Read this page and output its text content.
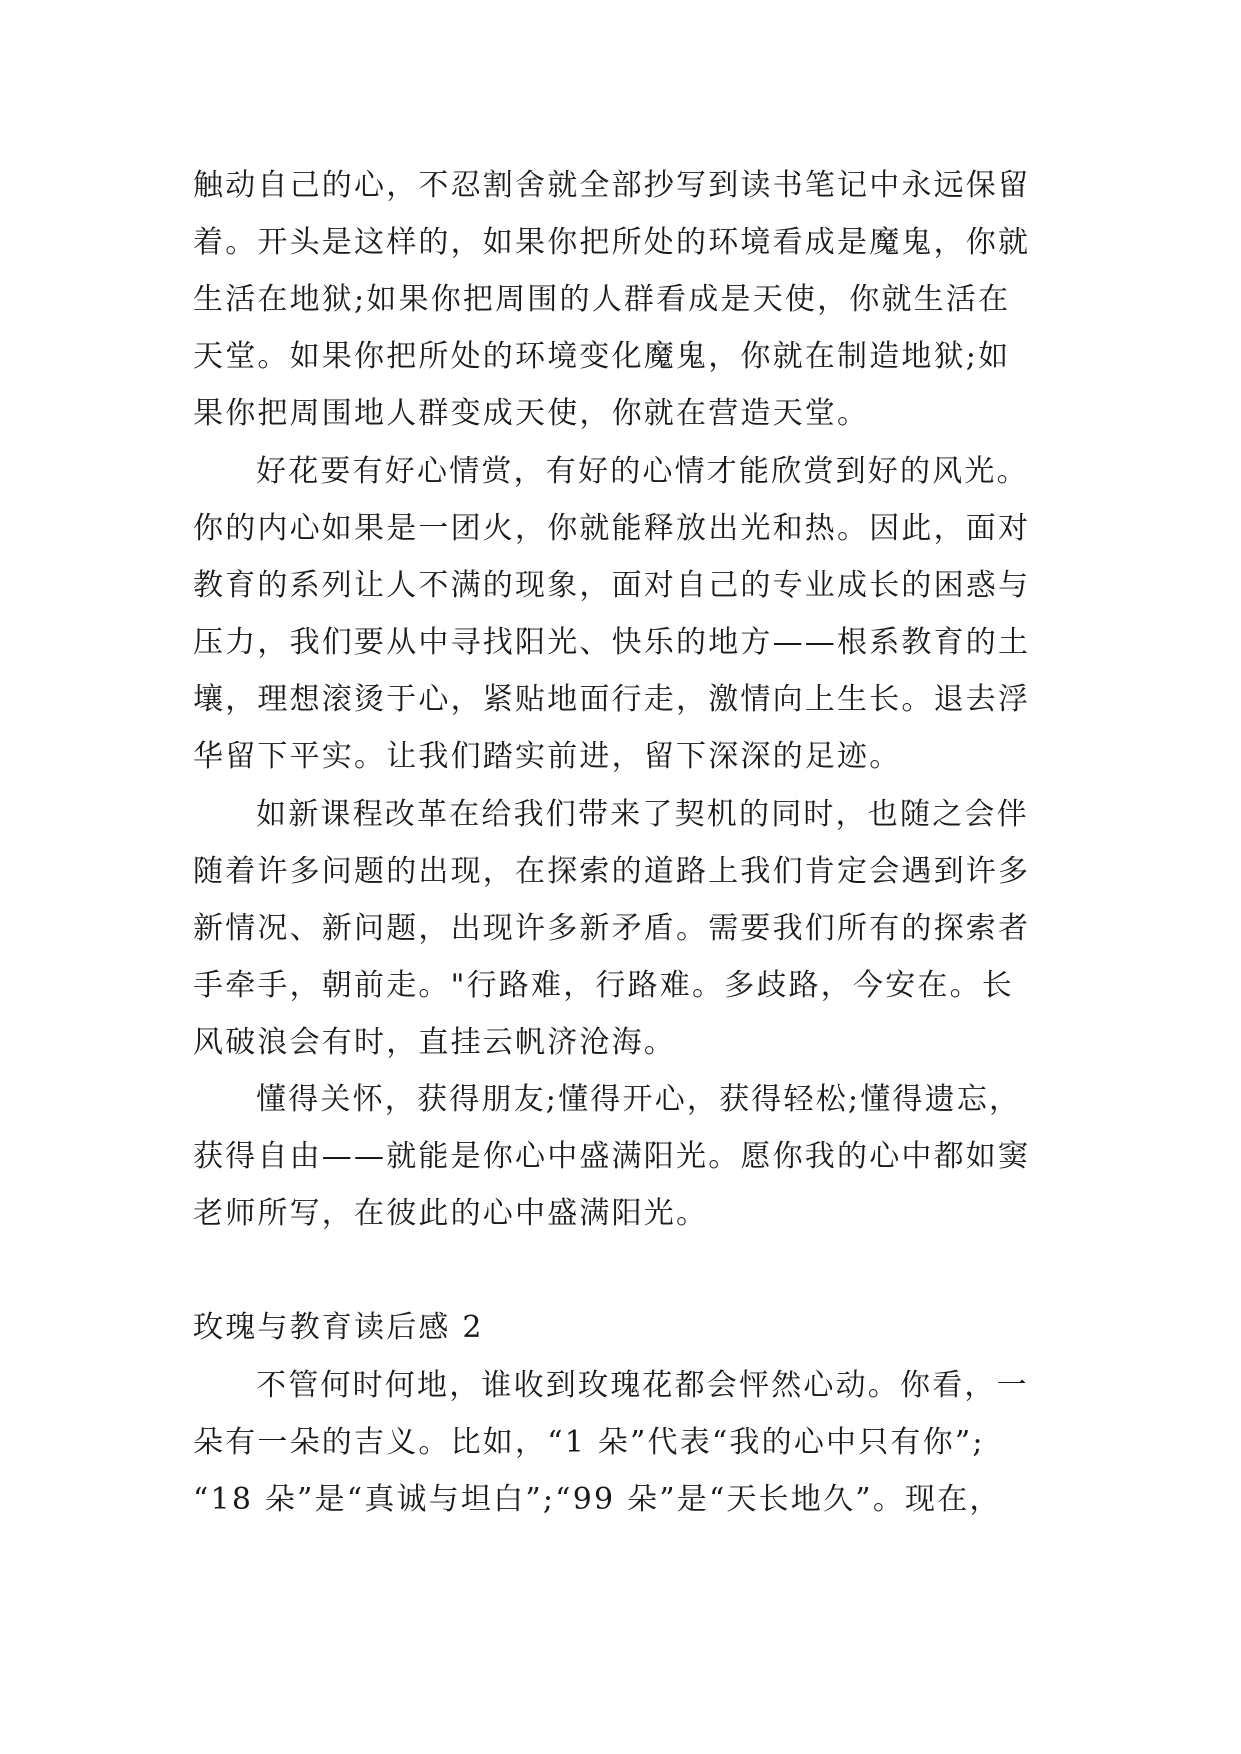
触动自己的心，不忍割舍就全部抄写到读书笔记中永远保留
着。开头是这样的，如果你把所处的环境看成是魔鬼，你就
生活在地狱;如果你把周围的人群看成是天使，你就生活在
天堂。如果你把所处的环境变化魔鬼，你就在制造地狱;如
果你把周围地人群变成天使，你就在营造天堂。
好花要有好心情赏，有好的心情才能欣赏到好的风光。
你的内心如果是一团火，你就能释放出光和热。因此，面对
教育的系列让人不满的现象，面对自己的专业成长的困惑与
压力，我们要从中寻找阳光、快乐的地方——根系教育的土
壤，理想滚烫于心，紧贴地面行走，激情向上生长。退去浮
华留下平实。让我们踏实前进，留下深深的足迹。
如新课程改革在给我们带来了契机的同时，也随之会伴
随着许多问题的出现，在探索的道路上我们肯定会遇到许多
新情况、新问题，出现许多新矛盾。需要我们所有的探索者
手牵手，朝前走。"行路难，行路难。多歧路，今安在。长
风破浪会有时，直挂云帆济沧海。
懂得关怀，获得朋友;懂得开心，获得轻松;懂得遗忘，
获得自由——就能是你心中盛满阳光。愿你我的心中都如窦
老师所写，在彼此的心中盛满阳光。
玫瑰与教育读后感 2
不管何时何地，谁收到玫瑰花都会怦然心动。你看，一
朵有一朵的吉义。比如，“1 朵”代表“我的心中只有你”;
“18 朵”是“真诚与坦白”;“99 朵”是“天长地久”。现在，
